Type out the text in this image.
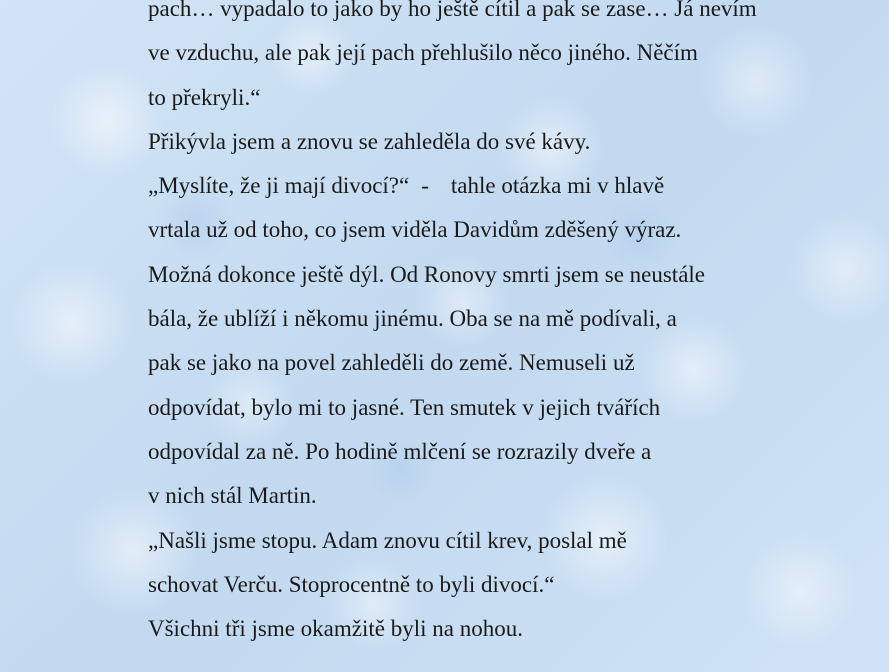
pach… vypadalo to jako by ho ještě cítil a pak se zase… Já nevím

ve vzduchu, ale pak její pach přehlušilo něco jiného. Něčím

to překryli.“

Přikývla jsem a znovu se zahleděla do své kávy.

„Myslíte, že ji mají divocí?“ - tahle otázka mi v hlavě

vrtala už od toho, co jsem viděla Davidům zděšený výraz.

Možná dokonce ještě dýl. Od Ronovy smrti jsem se neustále

bála, že ublíží i někomu jinému. Oba se na mě podívali, a

pak se jako na povel zahleděli do země. Nemuseli už

odpovídat, bylo mi to jasné. Ten smutek v jejich tvářích

odpovídal za ně. Po hodině mlčení se rozrazily dveře a

v nich stál Martin.

„Našli jsme stopu. Adam znovu cítil krev, poslal mě

schovat Verču. Stoprocentně to byli divocí.“

Všichni tři jsme okamžitě byli na nohou.
